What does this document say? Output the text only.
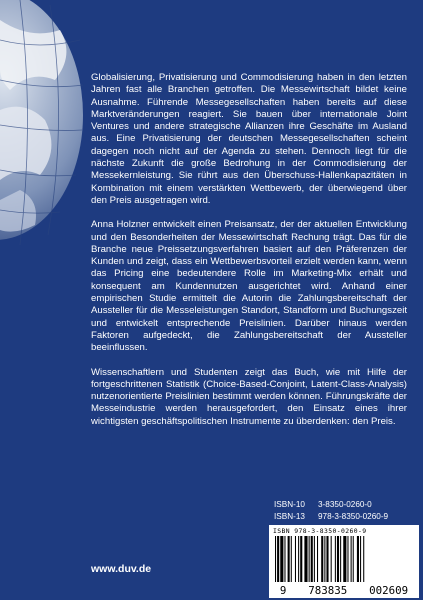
Globalisierung, Privatisierung und Commodisierung haben in den letzten Jahren fast alle Branchen getroffen. Die Messewirtschaft bildet keine Ausnahme. Führende Messegesellschaften haben bereits auf diese Marktveränderungen reagiert. Sie bauen über internationale Joint Ventures und andere strategische Allianzen ihre Geschäfte im Ausland aus. Eine Privatisierung der deutschen Messegesellschaften scheint dagegen noch nicht auf der Agenda zu stehen. Dennoch liegt für die nächste Zukunft die große Bedrohung in der Commodisierung der Messekernleistung. Sie rührt aus den Überschuss-Hallenkapazitäten in Kombination mit einem verstärkten Wettbewerb, der überwiegend über den Preis ausgetragen wird.

Anna Holzner entwickelt einen Preisansatz, der der aktuellen Entwicklung und den Besonderheiten der Messewirtschaft Rechung trägt. Das für die Branche neue Preissetzungsverfahren basiert auf den Präferenzen der Kunden und zeigt, dass ein Wettbewerbsvorteil erzielt werden kann, wenn das Pricing eine bedeutendere Rolle im Marketing-Mix erhält und konsequent am Kundennutzen ausgerichtet wird. Anhand einer empirischen Studie ermittelt die Autorin die Zahlungsbereitschaft der Aussteller für die Messeleistungen Standort, Standform und Buchungszeit und entwickelt entsprechende Preislinien. Darüber hinaus werden Faktoren aufgedeckt, die Zahlungsbereitschaft der Aussteller beeinflussen.

Wissenschaftlern und Studenten zeigt das Buch, wie mit Hilfe der fortgeschrittenen Statistik (Choice-Based-Conjoint, Latent-Class-Analysis) nutzenorientierte Preislinien bestimmt werden können. Führungskräfte der Messeindustrie werden herausgefordert, den Einsatz eines ihrer wichtigsten geschäftspolitischen Instrumente zu überdenken: den Preis.

ISBN-10	3-8350-0260-0
ISBN-13	978-3-8350-0260-9
ISBN 978-3-8350-0260-9
9 783835 002609
www.duv.de
